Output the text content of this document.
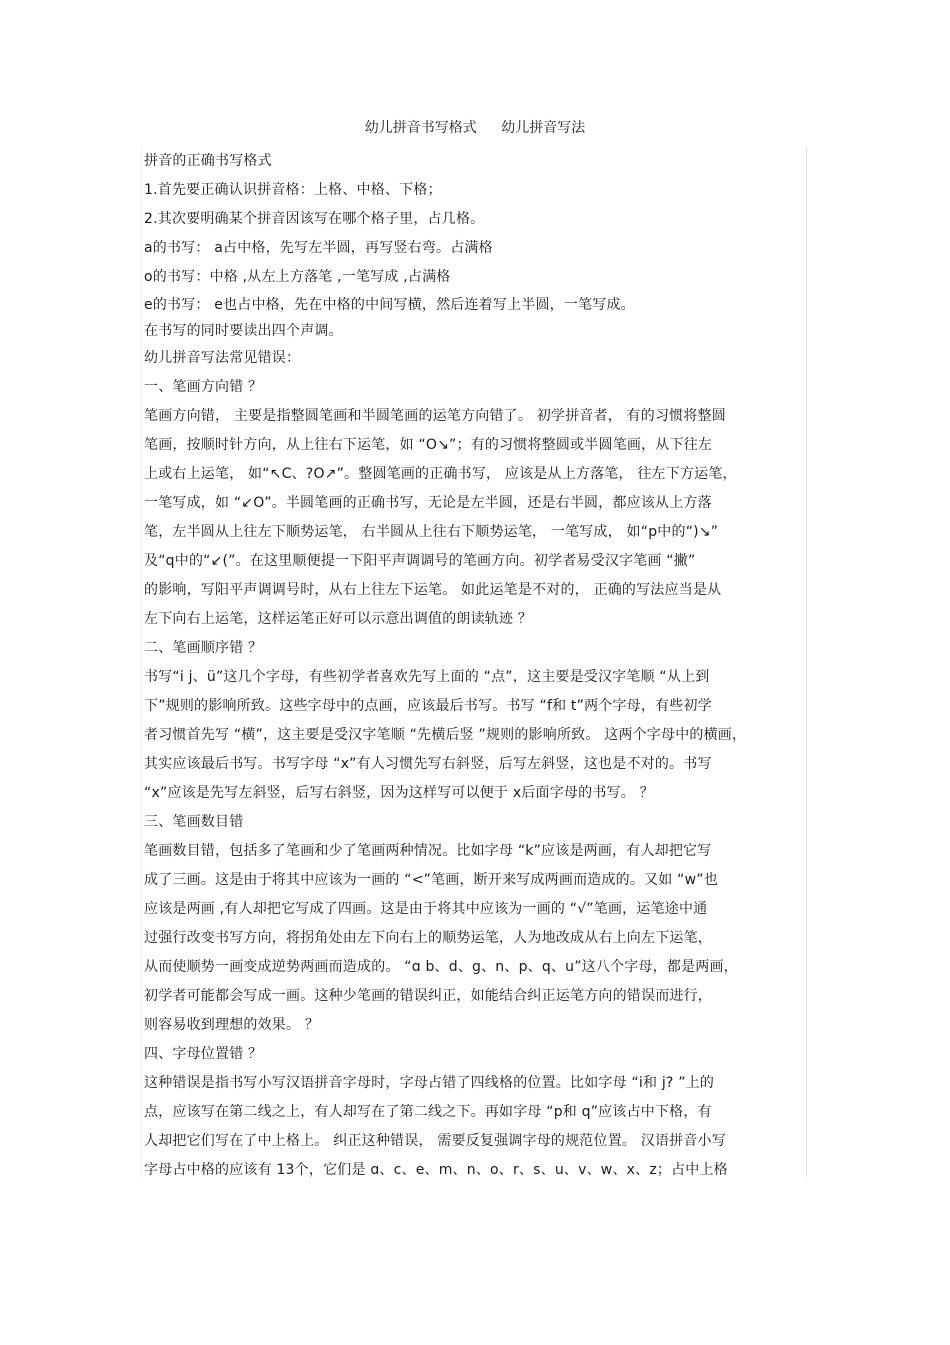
幼儿拼音书写格式 幼儿拼音写法
拼音的正确书写格式
1.首先要正确认识拼音格：上格、中格、下格；
2.其次要明确某个拼音因该写在哪个格子里，占几格。
a的书写： a占中格，先写左半圆，再写竖右弯。占满格
o的书写：中格 ,从左上方落笔 ,一笔写成 ,占满格
e的书写： e也占中格，先在中格的中间写横，然后连着写上半圆，一笔写成。
在书写的同时要读出四个声调。
幼儿拼音写法常见错误：
一、笔画方向错 ？
笔画方向错， 主要是指整圆笔画和半圆笔画的运笔方向错了。 初学拼音者， 有的习惯将整圆
笔画，按顺时针方向，从上往右下运笔，如 “O↘”；有的习惯将整圆或半圆笔画，从下往左
上或右上运笔， 如“↖C、?O↗”。整圆笔画的正确书写， 应该是从上方落笔， 往左下方运笔，
一笔写成，如 “↙O”。半圆笔画的正确书写，无论是左半圆，还是右半圆，都应该从上方落
笔，左半圆从上往左下顺势运笔， 右半圆从上往右下顺势运笔， 一笔写成， 如“p中的“)↘”
及“q中的“↙(”。在这里顺便提一下阳平声调调号的笔画方向。初学者易受汉字笔画 “撇”
的影响，写阳平声调调号时，从右上往左下运笔。 如此运笔是不对的， 正确的写法应当是从
左下向右上运笔，这样运笔正好可以示意出调值的朗读轨迹 ？
二、笔画顺序错 ？
书写“i j、ü”这几个字母，有些初学者喜欢先写上面的 “点”，这主要是受汉字笔顺 “从上到
下”规则的影响所致。这些字母中的点画，应该最后书写。书写 “f和 t”两个字母，有些初学
者习惯首先写 “横”，这主要是受汉字笔顺 “先横后竖 ”规则的影响所致。 这两个字母中的横画，
其实应该最后书写。书写字母 “x”有人习惯先写右斜竖，后写左斜竖，这也是不对的。书写
“x”应该是先写左斜竖，后写右斜竖，因为这样写可以便于 x后面字母的书写。 ？
三、笔画数目错
笔画数目错，包括多了笔画和少了笔画两种情况。比如字母 “k”应该是两画，有人却把它写
成了三画。这是由于将其中应该为一画的 “<”笔画，断开来写成两画而造成的。又如 “w”也
应该是两画 ,有人却把它写成了四画。这是由于将其中应该为一画的 “√”笔画，运笔途中通
过强行改变书写方向，将拐角处由左下向右上的顺势运笔，人为地改成从右上向左下运笔，
从而使顺势一画变成逆势两画而造成的。 “ɑ b、d、g、n、p、q、u”这八个字母，都是两画，
初学者可能都会写成一画。这种少笔画的错误纠正，如能结合纠正运笔方向的错误而进行，
则容易收到理想的效果。 ？
四、字母位置错 ？
这种错误是指书写小写汉语拼音字母时，字母占错了四线格的位置。比如字母 “i和 j? ”上的
点，应该写在第二线之上，有人却写在了第二线之下。再如字母 “p和 q”应该占中下格，有
人却把它们写在了中上格上。 纠正这种错误， 需要反复强调字母的规范位置。 汉语拼音小写
字母占中格的应该有 13个，它们是 ɑ、c、e、m、n、o、r、s、u、v、w、x、z；占中上格
